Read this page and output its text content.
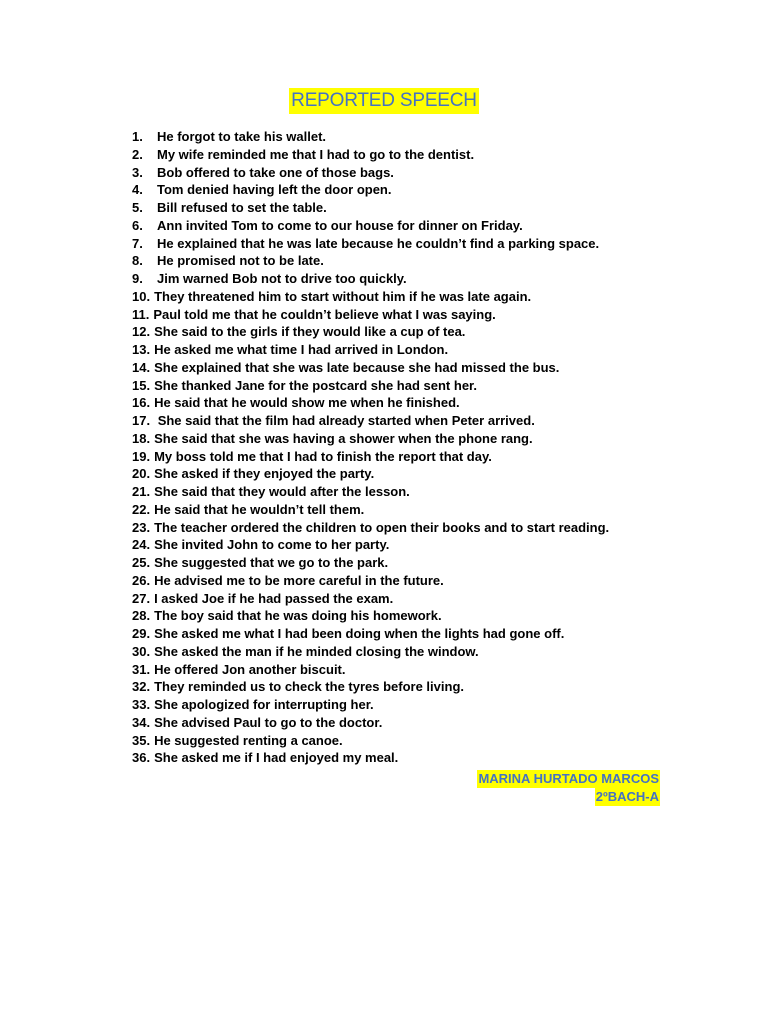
REPORTED SPEECH
1.	He forgot to take his wallet.
2.	My wife reminded me that I had to go to the dentist.
3.	Bob offered to take one of those bags.
4.	Tom denied having left the door open.
5.	Bill refused to set the table.
6.	Ann invited Tom to come to our house for dinner on Friday.
7.	He explained that he was late because he couldn’t find a parking space.
8.	He promised not to be late.
9.	Jim warned Bob not to drive too quickly.
10. They threatened him to start without him if he was late again.
11. Paul told me that he couldn’t believe what I was saying.
12. She said to the girls if they would like a cup of tea.
13. He asked me what time I had arrived in London.
14. She explained that she was late because she had missed the bus.
15. She thanked Jane for the postcard she had sent her.
16. He said that he would show me when he finished.
17. She said that the film had already started when Peter arrived.
18. She said that she was having a shower when the phone rang.
19. My boss told me that I had to finish the report that day.
20. She asked if they enjoyed the party.
21. She said that they would after the lesson.
22. He said that he wouldn’t tell them.
23. The teacher ordered the children to open their books and to start reading.
24. She invited John to come to her party.
25. She suggested that we go to the park.
26. He advised me to be more careful in the future.
27. I asked Joe if he had passed the exam.
28. The boy said that he was doing his homework.
29. She asked me what I had been doing when the lights had gone off.
30. She asked the man if he minded closing the window.
31. He offered Jon another biscuit.
32. They reminded us to check the tyres before living.
33. She apologized for interrupting her.
34. She advised Paul to go to the doctor.
35. He suggested renting a canoe.
36. She asked me if I had enjoyed my meal.
MARINA HURTADO MARCOS
2ºBACH-A
